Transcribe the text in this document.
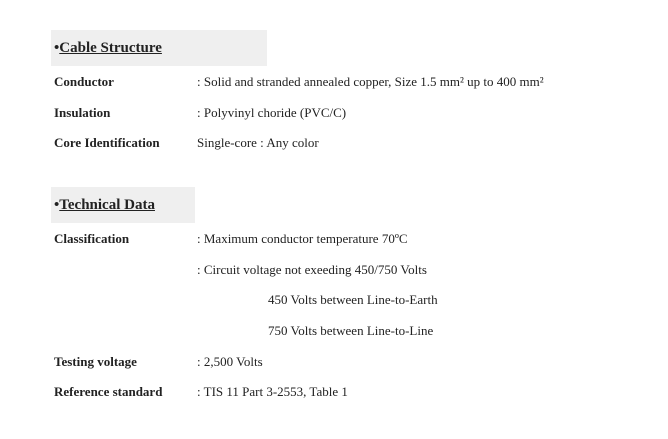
•Cable Structure
Conductor	: Solid and stranded annealed copper, Size 1.5 mm² up to 400 mm²
Insulation	: Polyvinyl choride (PVC/C)
Core Identification	Single-core : Any color
•Technical Data
Classification	: Maximum conductor temperature 70ºC
: Circuit voltage not exeeding 450/750 Volts
450 Volts between Line-to-Earth
750 Volts between Line-to-Line
Testing voltage	: 2,500 Volts
Reference standard	: TIS 11 Part 3-2553, Table 1
